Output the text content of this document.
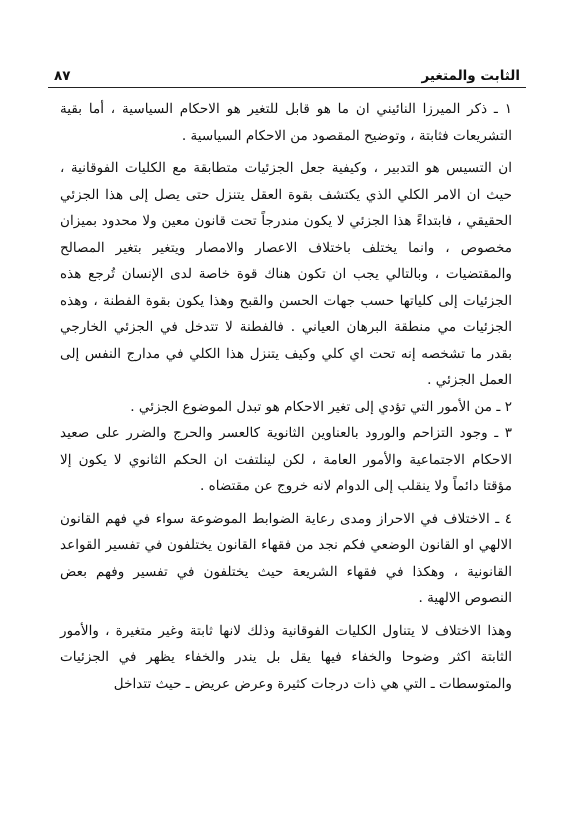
الثابت والمتغير
٨٧

١ ـ ذكر الميرزا النائيني ان ما هو قابل للتغير هو الاحكام السياسية ، أما بقية التشريعات فثابتة ، وتوضيح المقصود من الاحكام السياسية .

ان التسيس هو التدبير ، وكيفية جعل الجزئيات متطابقة مع الكليات الفوقانية ، حيث ان الامر الكلي الذي يكتشف بقوة العقل يتنزل حتى يصل إلى هذا الجزئي الحقيقي ، فابتداءً هذا الجزئي لا يكون مندرجاً تحت قانون معين ولا محدود بميزان مخصوص ، وانما يختلف باختلاف الاعصار والامصار ويتغير بتغير المصالح والمقتضيات ، وبالتالي يجب ان تكون هناك قوة خاصة لدى الإنسان تُرجع هذه الجزئيات إلى كلياتها حسب جهات الحسن والقبح وهذا يكون بقوة الفطنة ، وهذه الجزئيات مي منطقة البرهان العياني . فالفطنة لا تتدخل في الجزئي الخارجي بقدر ما تشخصه إنه تحت اي كلي وكيف يتنزل هذا الكلي في مدارج النفس إلى العمل الجزئي .

٢ ـ من الأمور التي تؤدي إلى تغير الاحكام هو تبدل الموضوع الجزئي .

٣ ـ وجود التزاحم والورود بالعناوين الثانوية كالعسر والحرج والضرر على صعيد الاحكام الاجتماعية والأمور العامة ، لكن لينلتفت ان الحكم الثانوي لا يكون إلا مؤقتا دائماً ولا ينقلب إلى الدوام لانه خروج عن مقتضاه .

٤ ـ الاختلاف في الاحراز ومدى رعاية الضوابط الموضوعة سواء في فهم القانون الالهي او القانون الوضعي فكم نجد من فقهاء القانون يختلفون في تفسير القواعد القانونية ، وهكذا في فقهاء الشريعة حيث يختلفون في تفسير وفهم بعض النصوص الالهية .

وهذا الاختلاف لا يتناول الكليات الفوقانية وذلك لانها ثابتة وغير متغيرة ، والأمور الثابتة اكثر وضوحا والخفاء فيها يقل بل يندر والخفاء يظهر في الجزئيات والمتوسطات ـ التي هي ذات درجات كثيرة وعرض عريض ـ حيث تتداخل
